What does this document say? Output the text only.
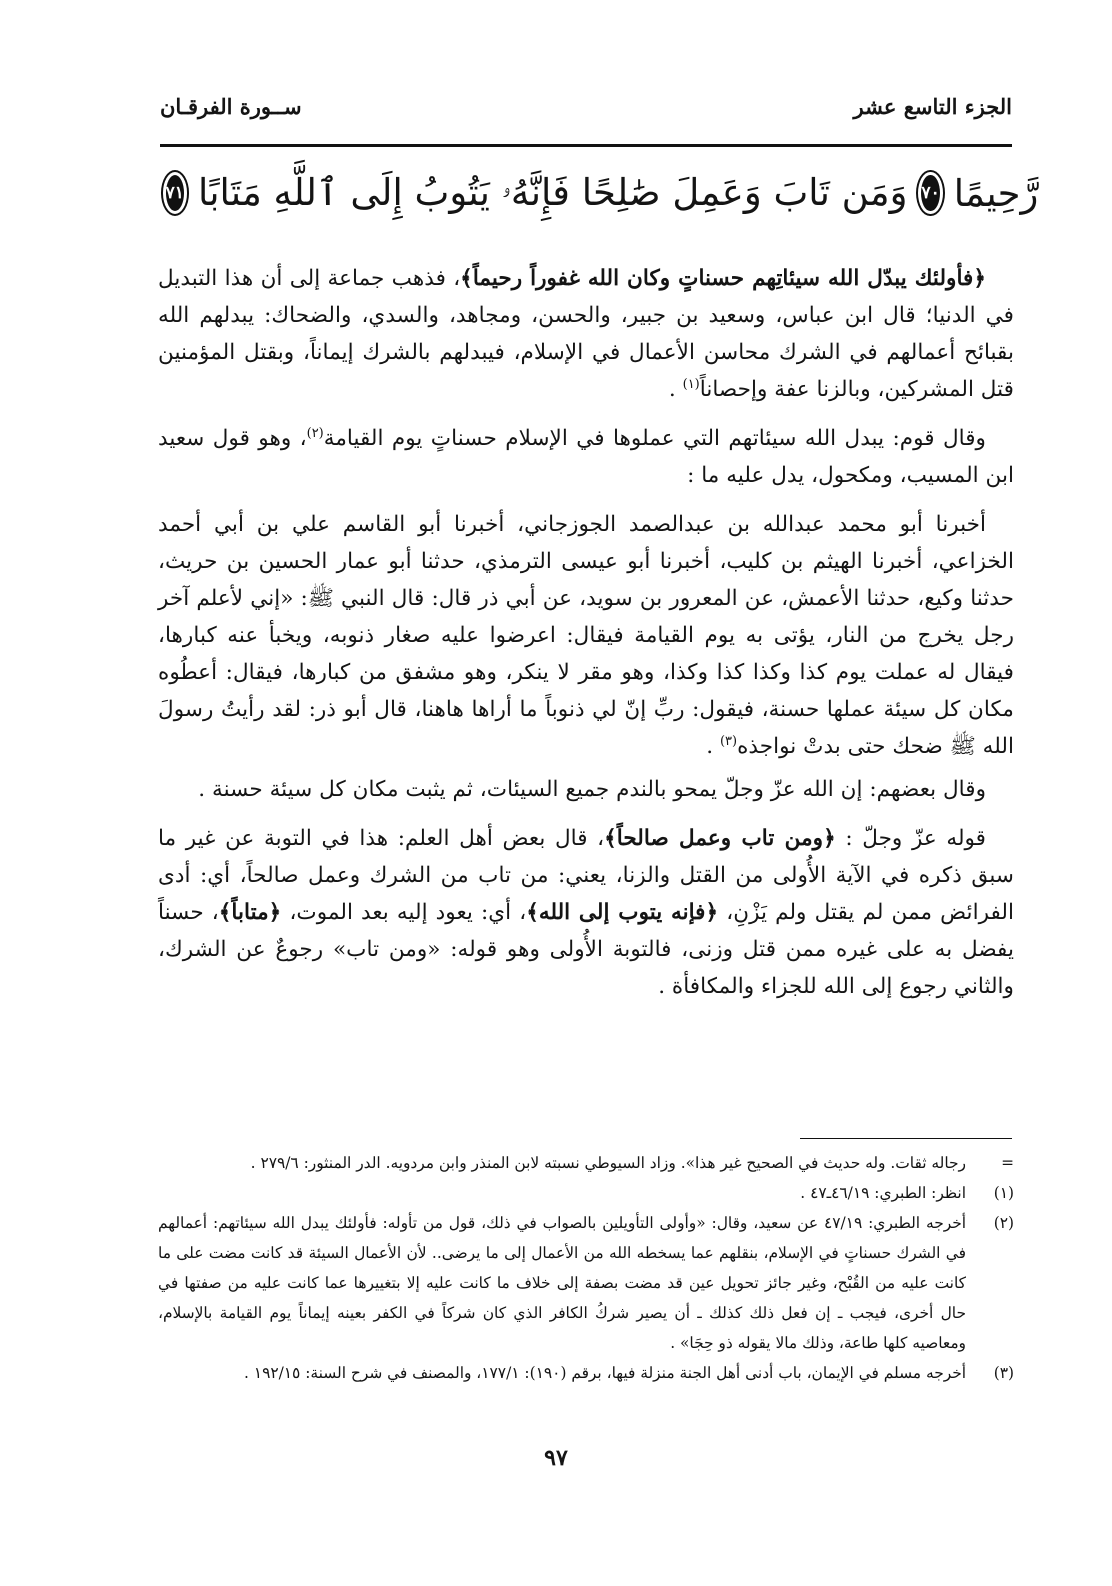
الجزء التاسع عشر
ســورة الفرقـان
رَّحِيمًا
٧٠
وَمَن تَابَ وَعَمِلَ صَٰلِحًا فَإِنَّهُۥ يَتُوبُ إِلَى ٱللَّهِ مَتَابًا
٧١

﴿فأولئك يبدّل الله سيئاتِهم حسناتٍ وكان الله غفوراً رحيماً﴾، فذهب جماعة إلى أن هذا التبديل في الدنيا؛ قال ابن عباس، وسعيد بن جبير، والحسن، ومجاهد، والسدي، والضحاك: يبدلهم الله بقبائح أعمالهم في الشرك محاسن الأعمال في الإسلام، فيبدلهم بالشرك إيماناً، وبقتل المؤمنين قتل المشركين، وبالزنا عفة وإحصاناً$^{(١)}$ .

وقال قوم: يبدل الله سيئاتهم التي عملوها في الإسلام حسناتٍ يوم القيامة$^{(٢)}$، وهو قول سعيد ابن المسيب، ومكحول، يدل عليه ما :

أخبرنا أبو محمد عبدالله بن عبدالصمد الجوزجاني، أخبرنا أبو القاسم علي بن أبي أحمد الخزاعي، أخبرنا الهيثم بن كليب، أخبرنا أبو عيسى الترمذي، حدثنا أبو عمار الحسين بن حريث، حدثنا وكيع، حدثنا الأعمش، عن المعرور بن سويد، عن أبي ذر قال: قال النبي ﷺ: «إني لأعلم آخر رجل يخرج من النار، يؤتى به يوم القيامة فيقال: اعرضوا عليه صغار ذنوبه، ويخبأ عنه كبارها، فيقال له عملت يوم كذا وكذا كذا وكذا، وهو مقر لا ينكر، وهو مشفق من كبارها، فيقال: أعطُوه مكان كل سيئة عملها حسنة، فيقول: ربِّ إنّ لي ذنوباً ما أراها هاهنا، قال أبو ذر: لقد رأيتُ رسولَ الله ﷺ ضحك حتى بدتْ نواجذه$^{(٣)}$ .

وقال بعضهم: إن الله عزّ وجلّ يمحو بالندم جميع السيئات، ثم يثبت مكان كل سيئة حسنة .

قوله عزّ وجلّ : ﴿ومن تاب وعمل صالحاً﴾، قال بعض أهل العلم: هذا في التوبة عن غير ما سبق ذكره في الآية الأُولى من القتل والزنا، يعني: من تاب من الشرك وعمل صالحاً، أي: أدى الفرائض ممن لم يقتل ولم يَزْنِ، ﴿فإنه يتوب إلى الله﴾، أي: يعود إليه بعد الموت، ﴿متاباً﴾، حسناً يفضل به على غيره ممن قتل وزنى، فالتوبة الأُولى وهو قوله: «ومن تاب» رجوعٌ عن الشرك، والثاني رجوع إلى الله للجزاء والمكافأة .

=
رجاله ثقات. وله حديث في الصحيح غير هذا». وزاد السيوطي نسبته لابن المنذر وابن مردويه. الدر المنثور: ٢٧٩/٦ .
(١)
انظر: الطبري: ٤٦/١٩ـ٤٧ .
(٢)
أخرجه الطبري: ٤٧/١٩ عن سعيد، وقال: «وأولى التأويلين بالصواب في ذلك، قول من تأوله: فأولئك يبدل الله سيئاتهم: أعمالهم في الشرك حسناتٍ في الإسلام، بنقلهم عما يسخطه الله من الأعمال إلى ما يرضى.. لأن الأعمال السيئة قد كانت مضت على ما كانت عليه من القُبْح، وغير جائز تحويل عين قد مضت بصفة إلى خلاف ما كانت عليه إلا بتغييرها عما كانت عليه من صفتها في حال أخرى، فيجب ـ إن فعل ذلك كذلك ـ أن يصير شركُ الكافر الذي كان شركاً في الكفر بعينه إيماناً يوم القيامة بالإسلام، ومعاصيه كلها طاعة، وذلك مالا يقوله ذو حِجَا» .
(٣)
أخرجه مسلم في الإيمان، باب أدنى أهل الجنة منزلة فيها، برقم (١٩٠): ١٧٧/١، والمصنف في شرح السنة: ١٩٢/١٥ .
٩٧
